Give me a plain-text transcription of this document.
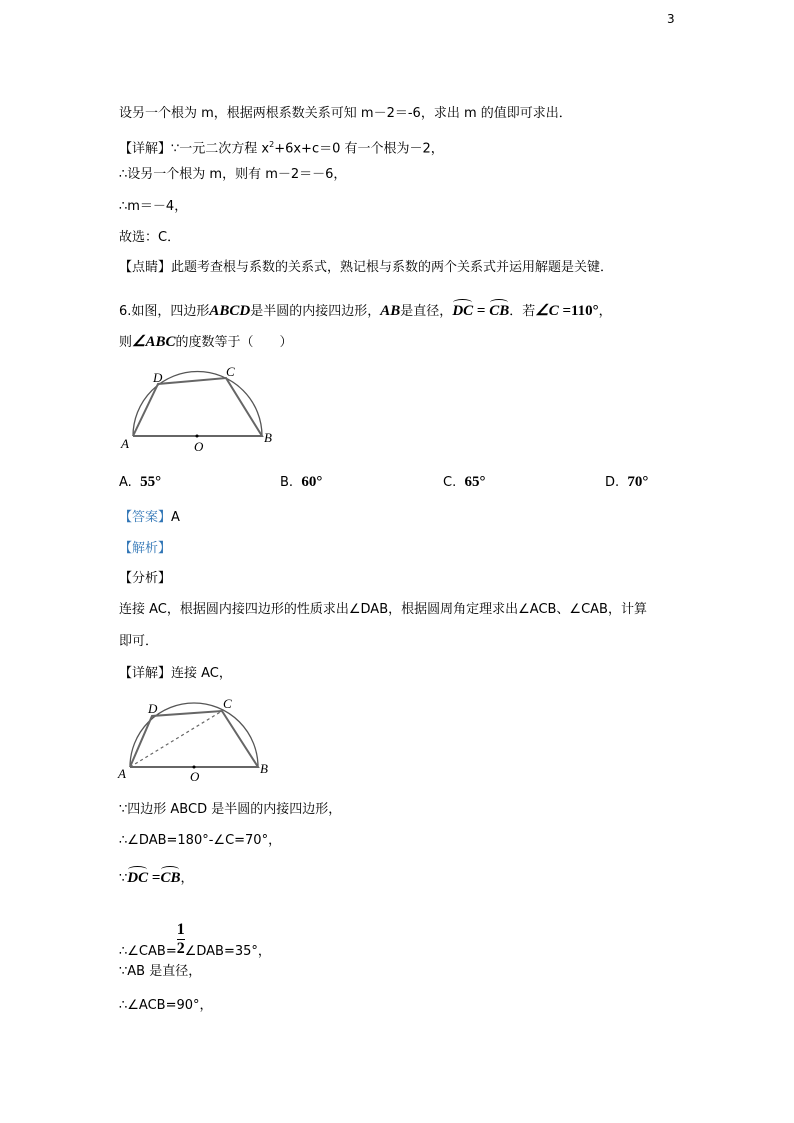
3
设另一个根为 m，根据两根系数关系可知 m－2＝-6，求出 m 的值即可求出．
【详解】∵一元二次方程 $x^2+6x+c=0$ 有一个根为－2，
∴设另一个根为 m，则有 m－2＝－6，
∴m＝－4，
故选：C．
【点睛】此题考查根与系数的关系式，熟记根与系数的两个关系式并运用解题是关键．
6.如图，四边形ABCD是半圆的内接四边形，AB是直径，DC = CB．若∠C =110°，
则∠ABC的度数等于（　　）
A	B
C
D
O
A. 55°	B. 60°	C. 65°	D. 70°
【答案】A
【解析】
【分析】
连接 AC，根据圆内接四边形的性质求出∠DAB，根据圆周角定理求出∠ACB、∠CAB，计算
即可．
【详解】连接 AC，
A	B
C
D
O
∵四边形 ABCD 是半圆的内接四边形，
∴∠DAB=180°-∠C=70°，
∵DC =CB，
∴∠CAB= $\frac{1}{2}$ ∠DAB=35°，
∵AB 是直径，
∴∠ACB=90°，
